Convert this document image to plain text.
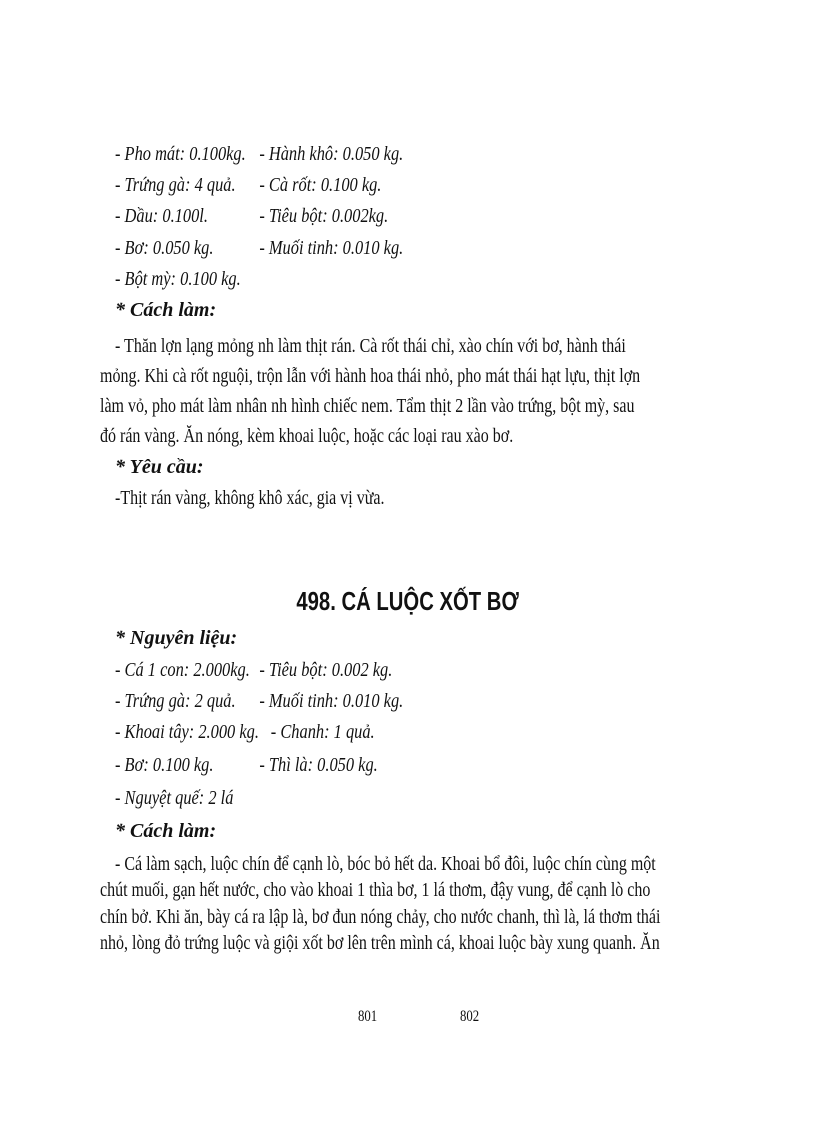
- Pho mát: 0.100kg. - Hành khô: 0.050 kg.
- Trứng gà: 4 quả. - Cà rốt: 0.100 kg.
- Dầu: 0.100l.	- Tiêu bột: 0.002kg.
- Bơ: 0.050 kg. - Muối tinh: 0.010 kg.
- Bột mỳ: 0.100 kg.
* Cách làm:
- Thăn lợn lạng mỏng nh làm thịt rán. Cà rốt thái chỉ, xào chín với bơ, hành thái
mỏng. Khi cà rốt nguội, trộn lẫn với hành hoa thái nhỏ, pho mát thái hạt lựu, thịt lợn
làm vỏ, pho mát làm nhân nh hình chiếc nem. Tẩm thịt 2 lần vào trứng, bột mỳ, sau
đó rán vàng. Ăn nóng, kèm khoai luộc, hoặc các loại rau xào bơ.
* Yêu cầu:
-Thịt rán vàng, không khô xác, gia vị vừa.
498. CÁ LUỘC XỐT BƠ
* Nguyên liệu:
- Cá 1 con: 2.000kg. - Tiêu bột: 0.002 kg.
- Trứng gà: 2 quả. - Muối tinh: 0.010 kg.
- Khoai tây: 2.000 kg. - Chanh: 1 quả.
- Bơ: 0.100 kg. - Thì là: 0.050 kg.
- Nguyệt quế: 2 lá
* Cách làm:
- Cá làm sạch, luộc chín để cạnh lò, bóc bỏ hết da. Khoai bổ đôi, luộc chín cùng một
chút muối, gạn hết nước, cho vào khoai 1 thìa bơ, 1 lá thơm, đậy vung, để cạnh lò cho
chín bở. Khi ăn, bày cá ra lập là, bơ đun nóng chảy, cho nước chanh, thì là, lá thơm thái
nhỏ, lòng đỏ trứng luộc và giội xốt bơ lên trên mình cá, khoai luộc bày xung quanh. Ăn
801	802
